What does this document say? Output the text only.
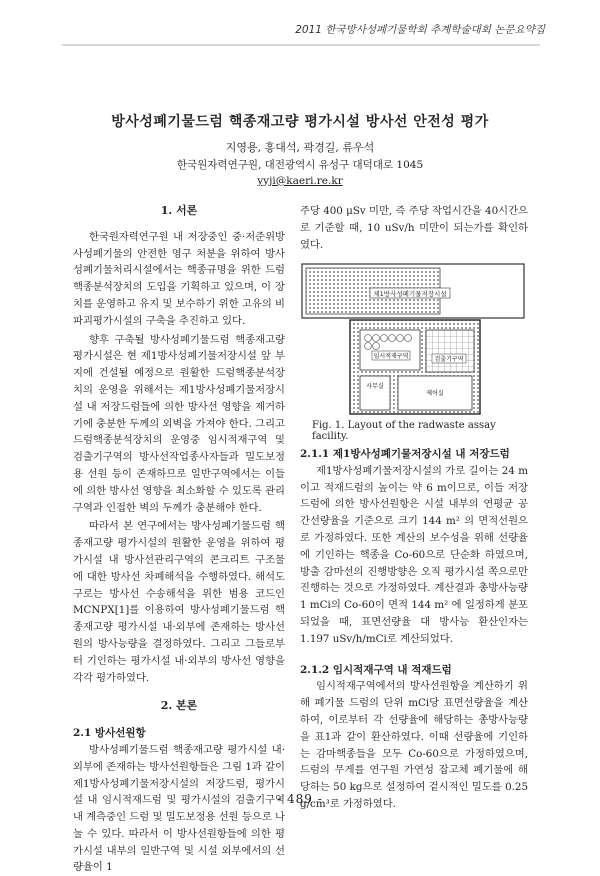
2011 한국방사성폐기물학회 추계학술대회 논문요약집
방사성폐기물드럼 핵종재고량 평가시설 방사선 안전성 평가
지영용, 홍대석, 곽경길, 류우석
한국원자력연구원, 대전광역시 유성구 대덕대로 1045
yyji@kaeri.re.kr

1. 서론

한국원자력연구원 내 저장중인 중·저준위방사성폐기물의 안전한 영구 처분을 위하여 방사성폐기물처리시설에서는 핵종규명을 위한 드럼핵종분석장치의 도입을 기획하고 있으며, 이 장치를 운영하고 유지 및 보수하기 위한 고유의 비파괴평가시설의 구축을 추진하고 있다.

향후 구축될 방사성폐기물드럼 핵종재고량 평가시설은 현 제1방사성폐기물저장시설 앞 부지에 건설될 예정으로 원활한 드럼핵종분석장치의 운영을 위해서는 제1방사성폐기물저장시설 내 저장드럼들에 의한 방사선 영향을 제거하기에 충분한 두께의 외벽을 가져야 한다. 그리고 드럼핵종분석장치의 운영중 임시적재구역 및 검출기구역의 방사선작업종사자들과 밀도보정용 선원 등이 존재하므로 일반구역에서는 이들에 의한 방사선 영향을 최소화할 수 있도록 관리구역과 인접한 벽의 두께가 충분해야 한다.

따라서 본 연구에서는 방사성폐기물드럼 핵종재고량 평가시설의 원활한 운영을 위하여 평가시설 내 방사선관리구역의 콘크리트 구조물에 대한 방사선 차폐해석을 수행하였다. 해석도구로는 방사선 수송해석을 위한 범용 코드인 MCNPX[1]를 이용하여 방사성폐기물드럼 핵종재고량 평가시설 내·외부에 존재하는 방사선원의 방사능량을 결정하였다. 그리고 그들로부터 기인하는 평가시설 내·외부의 방사선 영향을 각각 평가하였다.

2. 본론

2.1 방사선원항

방사성폐기물드럼 핵종재고량 평가시설 내·외부에 존재하는 방사선원항들은 그림 1과 같이 제1방사성폐기물저장시설의 저장드럼, 평가시설 내 임시적재드럼 및 평가시설의 검출기구역 내 계측중인 드럼 및 밀도보정용 선원 등으로 나눌 수 있다. 따라서 이 방사선원항들에 의한 평가시설 내부의 일반구역 및 시설 외부에서의 선량율이 1

주당 400 μSv 미만, 즉 주당 작업시간을 40시간으로 기준할 때, 10 uSv/h 미만이 되는가를 확인하였다.

제1방사성폐기물저장시설
임시적재구역	검출기구역
사무실
제어실
Fig. 1. Layout of the radwaste assay facility.

2.1.1 제1방사성폐기물저장시설 내 저장드럼

제1방사성폐기물저장시설의 가로 길이는 24 m이고 적재드럼의 높이는 약 6 m이므로, 이들 저장드럼에 의한 방사선원항은 시설 내부의 연평균 공간선량율을 기준으로 크기 144 m² 의 면적선원으로 가정하였다. 또한 계산의 보수성을 위해 선량율에 기인하는 핵종을 Co-60으로 단순화 하였으며, 방출 감마선의 진행방향은 오직 평가시설 쪽으로만 진행하는 것으로 가정하였다. 계산결과 총방사능량 1 mCi의 Co-60이 면적 144 m² 에 일정하게 분포되었을 때, 표면선량율 대 방사능 환산인자는 1.197 uSv/h/mCi로 계산되었다.

2.1.2 임시적재구역 내 적재드럼

임시적재구역에서의 방사선원항을 계산하기 위해 폐기물 드럼의 단위 mCi당 표면선량율을 계산하여, 이로부터 각 선량율에 해당하는 총방사능량을 표1과 같이 환산하였다. 이때 선량율에 기인하는 감마핵종들을 모두 Co-60으로 가정하였으며, 드럼의 무게를 연구원 가연성 잡고체 폐기물에 해당하는 50 kg으로 설정하여 겉시적인 밀도를 0.25 g/cm³로 가정하였다.

- 489 -
